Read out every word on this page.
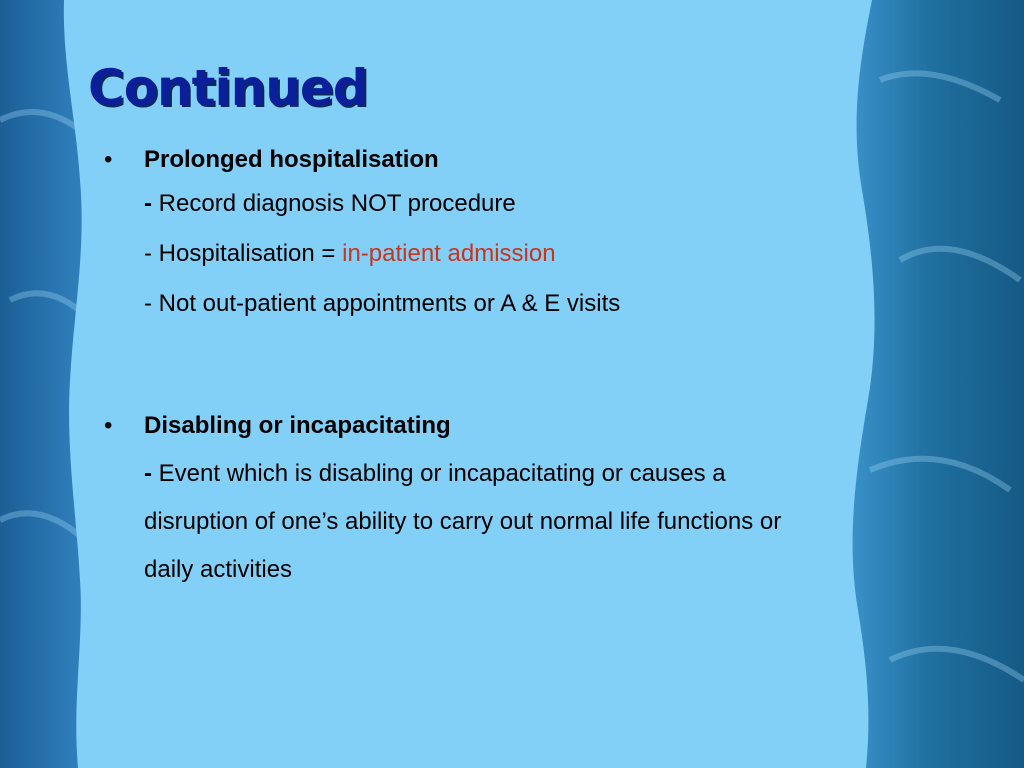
Continued
• Prolonged hospitalisation
- Record diagnosis NOT procedure
- Hospitalisation = in-patient admission
- Not out-patient appointments or A & E visits
• Disabling or incapacitating
- Event which is disabling or incapacitating or causes a disruption of one’s ability to carry out normal life functions or daily activities
